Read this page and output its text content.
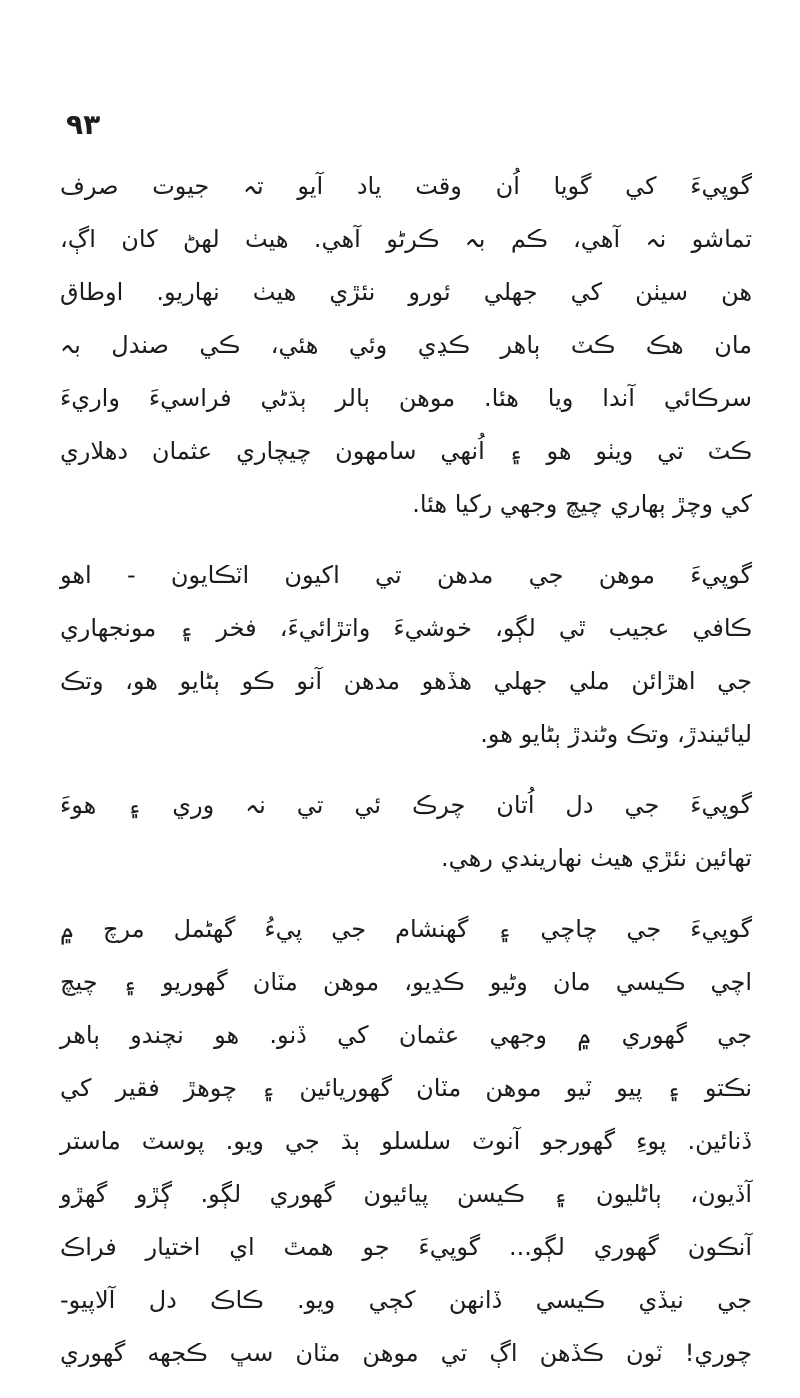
٩٣
گوپيءَ کي گويا اُن وقت ياد آيو تہ جيوت صرف
تماشو نہ آهي، ڪم بہ ڪرڻو آهي. هيٺ لهڻ کان اڳ،
هن سيٺن کي جهلي ئورو نئڙي هيٺ نهاريو. اوطاق
مان هڪ ڪٽ ٻاهر ڪڍي وئي هئي، ڪي صندل بہ
سرڪائي آندا ويا هئا. موهن ٻالر ٻڌڻي فراسيءَ واريءَ
ڪٽ تي ويٺو هو ۽ اُنهي سامهون چيچاري عثمان دهلاري
کي وچڙ ٻهاري چيچ وجهي رکيا هئا.
گوپيءَ موهن جي مدهن تي اکيون اٽڪايون - اهو
ڪافي عجيب ٿي لڳو، خوشيءَ واتڙائيءَ، فخر ۽ مونجهاري
جي اهڙائن ملي جهلي هڏهو مدهن آنو ڪو ٻڻايو هو، وتڪ
ليائيندڙ، وتڪ وڻندڙ ٻڻايو هو.
گوپيءَ جي دل اُتان چرڪ ئي تي نہ وري ۽ هوءَ
تهائين نئڙي هيٺ نهاريندي رهي.
گوپيءَ جي چاچي ۽ گهنشام جي پيءُ گهڻمل مرچ ۾
اچي ڪيسي مان وڻيو ڪڍيو، موهن مٽان گهوريو ۽ چيچ
جي گهوري ۾ وجهي عثمان کي ڏنو. هو نچندو ٻاهر
نڪتو ۽ پيو ٽيو موهن مٽان گهوريائين ۽ چوهڙ فقير کي
ڏنائين. پوءِ گهورجو آنوٽ سلسلو ٻڌ جي ويو. پوسٽ ماستر
آڏيون، ٻاڻليون ۽ ڪيسن پيائيون گهوري لڳو. ڳڙو گهڙو
آنڪون گهوري لڳو... گوپيءَ جو همٿ اي اختيار فراڪ
جي نيڏي ڪيسي ڏانهن کڄي ويو. ڪاڪ دل آلاپيو-
چوري! ٽون ڪڏهن اڳ تي موهن مٽان سڀ ڪجهه گهوري
